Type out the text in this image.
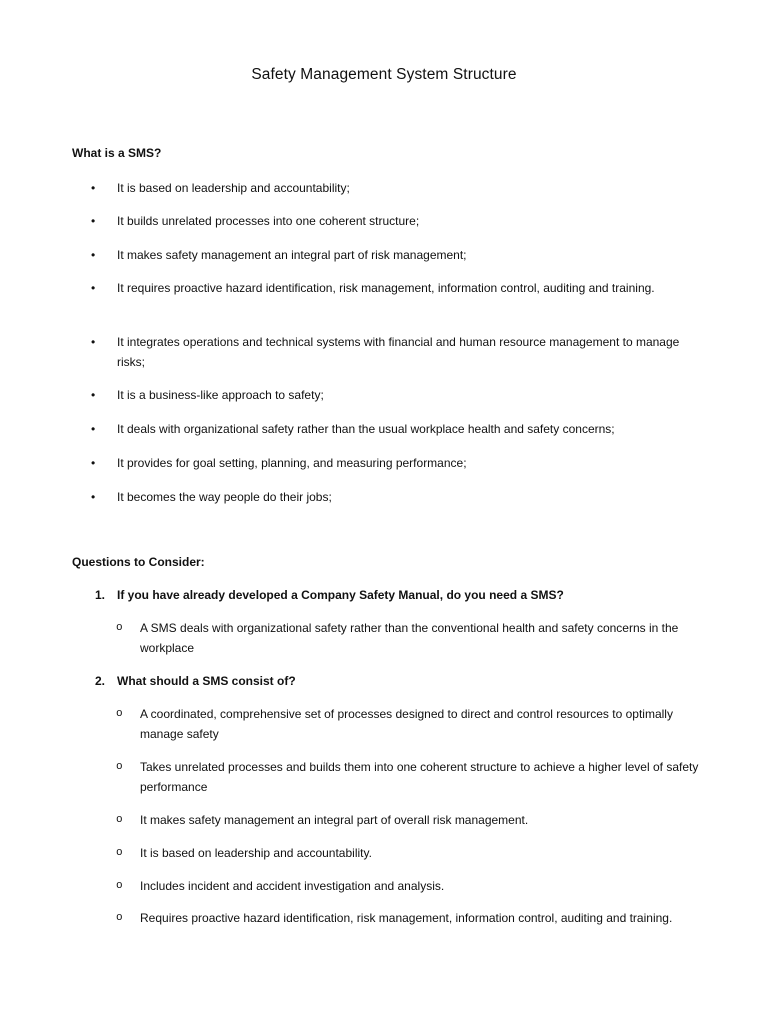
Safety Management System Structure
What is a SMS?
• It is based on leadership and accountability;
• It builds unrelated processes into one coherent structure;
• It makes safety management an integral part of risk management;
• It requires proactive hazard identification, risk management, information control, auditing and training.
• It integrates operations and technical systems with financial and human resource management to manage risks;
• It is a business-like approach to safety;
• It deals with organizational safety rather than the usual workplace health and safety concerns;
• It provides for goal setting, planning, and measuring performance;
• It becomes the way people do their jobs;
Questions to Consider:
1. If you have already developed a Company Safety Manual, do you need a SMS?
o A SMS deals with organizational safety rather than the conventional health and safety concerns in the workplace
2. What should a SMS consist of?
o A coordinated, comprehensive set of processes designed to direct and control resources to optimally manage safety
o Takes unrelated processes and builds them into one coherent structure to achieve a higher level of safety performance
o It makes safety management an integral part of overall risk management.
o It is based on leadership and accountability.
o Includes incident and accident investigation and analysis.
o Requires proactive hazard identification, risk management, information control, auditing and training.
